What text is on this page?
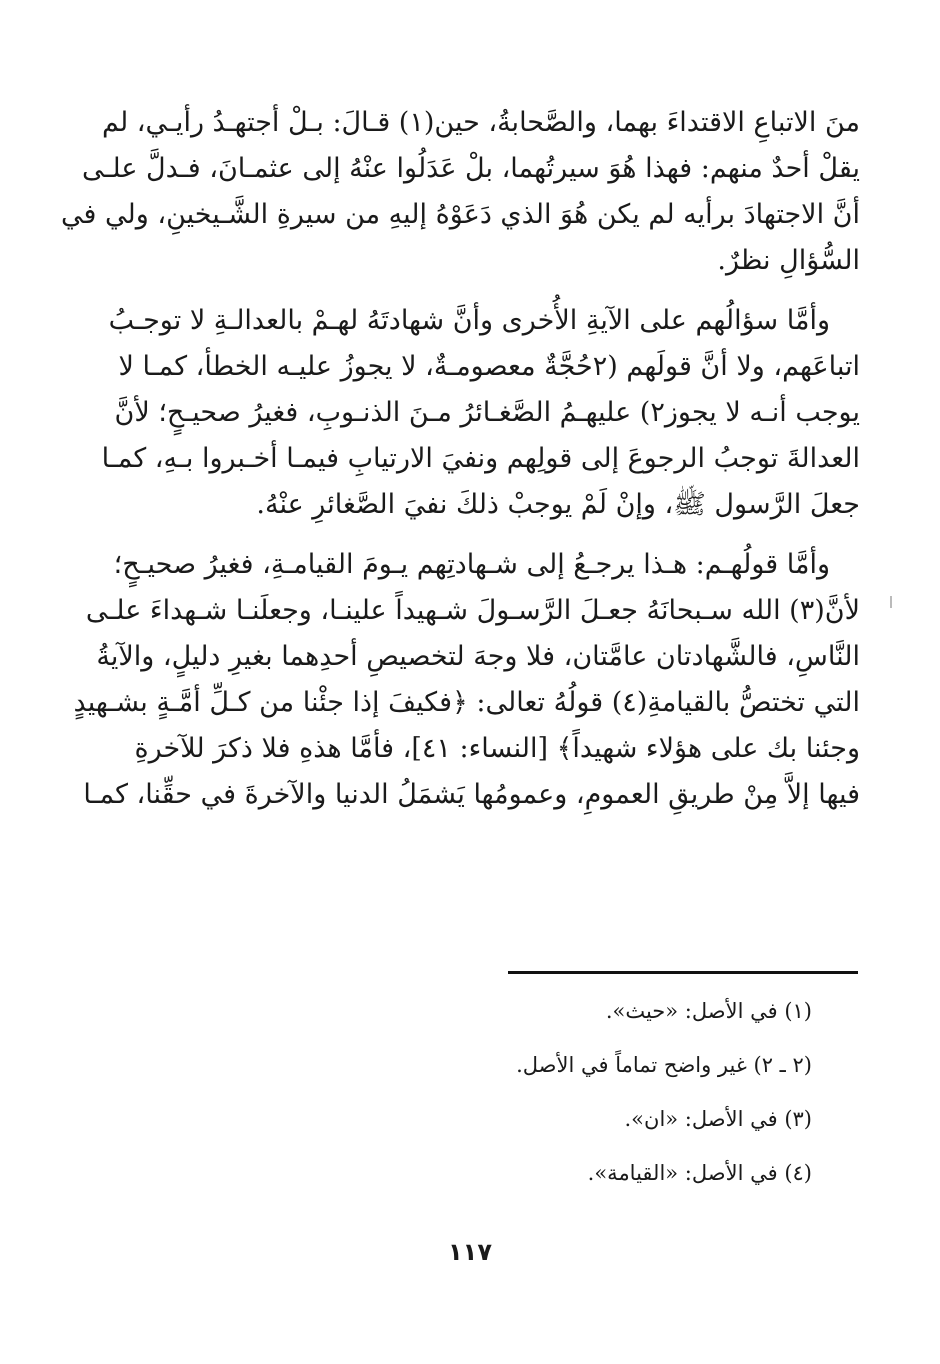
منَ الاتباعِ الاقتداءَ بهما، والصَّحابةُ، حين(١) قـالَ: بـلْ أجتهـدُ رأيـي، لم
يقلْ أحدٌ منهم: فهذا هُوَ سيرتُهما، بلْ عَدَلُوا عنْهُ إلى عثمـانَ، فـدلَّ علـى
أنَّ الاجتهادَ برأيه لم يكن هُوَ الذي دَعَوْهُ إليهِ من سيرةِ الشَّـيخينِ، ولي في
السُّؤالِ نظرٌ.

وأمَّا سؤالُهم على الآيةِ الأُخرى وأنَّ شهادتَهُ لهـمْ بالعدالـةِ لا توجـبُ
اتباعَهم، ولا أنَّ قولَهم (٢حُجَّةٌ معصومـةٌ، لا يجوزُ عليـه الخطأ، كمـا لا
يوجب أنـه لا يجوز٢) عليهـمُ الصَّغـائرُ مـنَ الذنـوبِ، فغيرُ صحيـحٍ؛ لأنَّ
العدالةَ توجبُ الرجوعَ إلى قولِهم ونفيَ الارتيابِ فيمـا أخـبروا بـهِ، كمـا
جعلَ الرَّسول ﷺ، وإنْ لَمْ يوجبْ ذلكَ نفيَ الصَّغائرِ عنْهُ.

وأمَّا قولُهـم: هـذا يرجـعُ إلى شـهادتِهم يـومَ القيامـةِ، فغيرُ صحيـحٍ؛
لأنَّ(٣) الله سـبحانَهُ جعـلَ الرَّسـولَ شـهيداً علينـا، وجعلَنـا شـهداءَ علـى
النَّاسِ، فالشَّهادتان عامَّتان، فلا وجهَ لتخصيصِ أحدِهما بغيرِ دليلٍ، والآيةُ
التي تختصُّ بالقيامةِ(٤) قولُهُ تعالى: ﴿فكيفَ إذا جئْنا من كـلِّ أمَّـةٍ بشـهيدٍ
وجئنا بك على هؤلاء شهيداً﴾ [النساء: ٤١]، فأمَّا هذهِ فلا ذكرَ للآخرةِ
فيها إلاَّ مِنْ طريقِ العمومِ، وعمومُها يَشمَلُ الدنيا والآخرةَ في حقِّنا، كمـا

(١) في الأصل: «حيث».

(٢ ـ ٢) غير واضح تماماً في الأصل.

(٣) في الأصل: «ان».

(٤) في الأصل: «القيامة».

١١٧
